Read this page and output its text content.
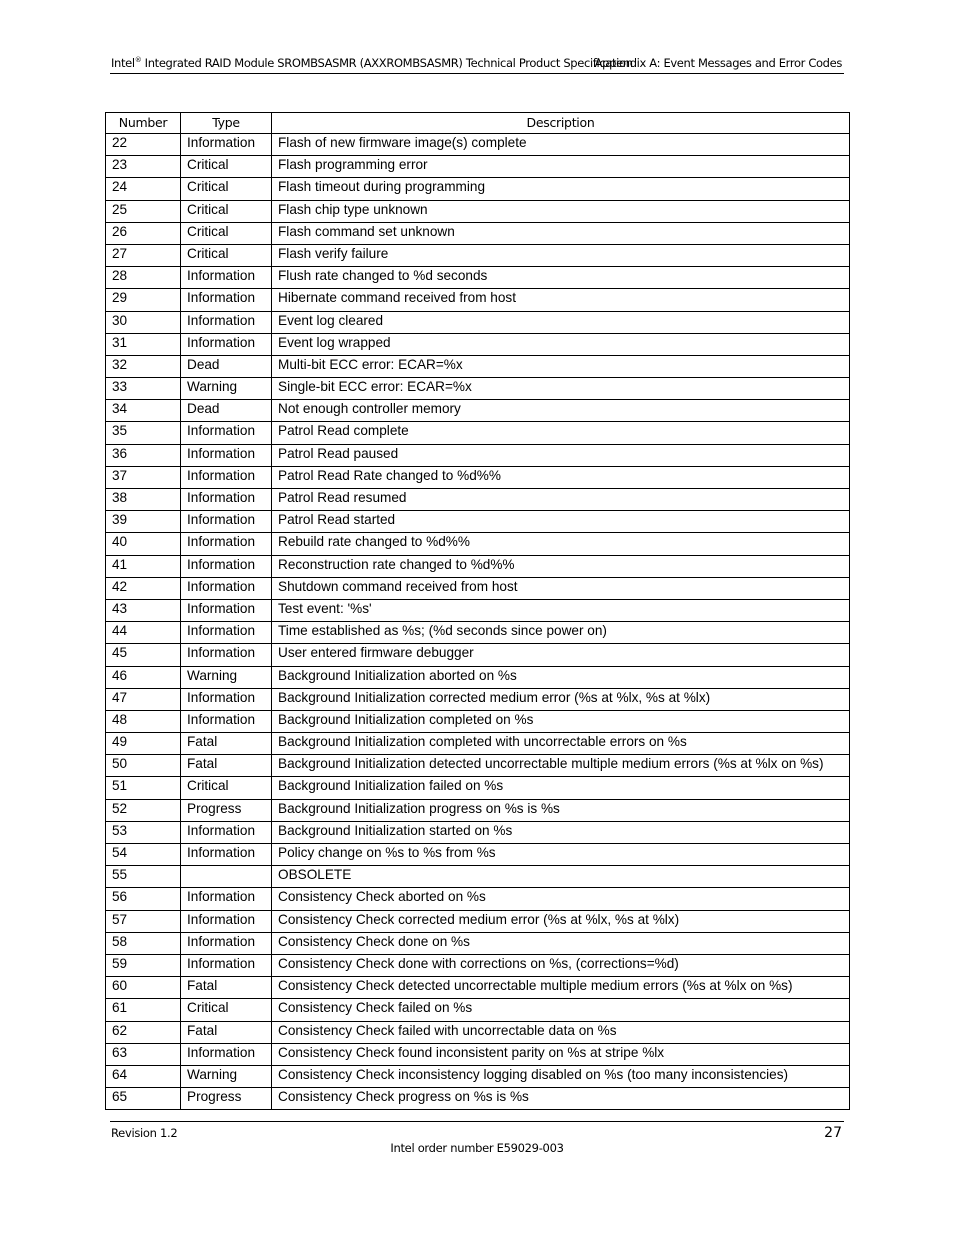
Intel® Integrated RAID Module SROMBSASMR (AXXROMBSASMR) Technical Product Specification
Appendix A: Event Messages and Error Codes
Number	Type	Description
22	Information	Flash of new firmware image(s) complete
23	Critical	Flash programming error
24	Critical	Flash timeout during programming
25	Critical	Flash chip type unknown
26	Critical	Flash command set unknown
27	Critical	Flash verify failure
28	Information	Flush rate changed to %d seconds
29	Information	Hibernate command received from host
30	Information	Event log cleared
31	Information	Event log wrapped
32	Dead	Multi-bit ECC error: ECAR=%x
33	Warning	Single-bit ECC error: ECAR=%x
34	Dead	Not enough controller memory
35	Information	Patrol Read complete
36	Information	Patrol Read paused
37	Information	Patrol Read Rate changed to %d%%
38	Information	Patrol Read resumed
39	Information	Patrol Read started
40	Information	Rebuild rate changed to %d%%
41	Information	Reconstruction rate changed to %d%%
42	Information	Shutdown command received from host
43	Information	Test event: '%s'
44	Information	Time established as %s; (%d seconds since power on)
45	Information	User entered firmware debugger
46	Warning	Background Initialization aborted on %s
47	Information	Background Initialization corrected medium error (%s at %lx, %s at %lx)
48	Information	Background Initialization completed on %s
49	Fatal	Background Initialization completed with uncorrectable errors on %s
50	Fatal	Background Initialization detected uncorrectable multiple medium errors (%s at %lx on %s)
51	Critical	Background Initialization failed on %s
52	Progress	Background Initialization progress on %s is %s
53	Information	Background Initialization started on %s
54	Information	Policy change on %s to %s from %s
55		OBSOLETE
56	Information	Consistency Check aborted on %s
57	Information	Consistency Check corrected medium error (%s at %lx, %s at %lx)
58	Information	Consistency Check done on %s
59	Information	Consistency Check done with corrections on %s, (corrections=%d)
60	Fatal	Consistency Check detected uncorrectable multiple medium errors (%s at %lx on %s)
61	Critical	Consistency Check failed on %s
62	Fatal	Consistency Check failed with uncorrectable data on %s
63	Information	Consistency Check found inconsistent parity on %s at stripe %lx
64	Warning	Consistency Check inconsistency logging disabled on %s (too many inconsistencies)
65	Progress	Consistency Check progress on %s is %s
Revision 1.2	27
Intel order number E59029-003
